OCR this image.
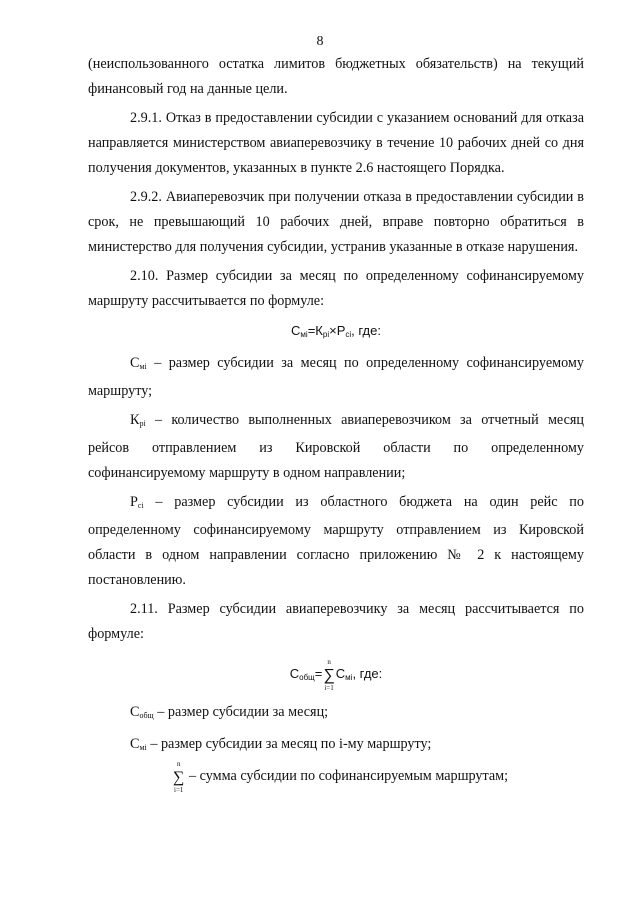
8

(неиспользованного остатка лимитов бюджетных обязательств) на текущий финансовый год на данные цели.

2.9.1. Отказ в предоставлении субсидии с указанием оснований для отказа направляется министерством авиаперевозчику в течение 10 рабочих дней со дня получения документов, указанных в пункте 2.6 настоящего Порядка.

2.9.2. Авиаперевозчик при получении отказа в предоставлении субсидии в срок, не превышающий 10 рабочих дней, вправе повторно обратиться в министерство для получения субсидии, устранив указанные в отказе нарушения.

2.10. Размер субсидии за месяц по определенному софинансируемому маршруту рассчитывается по формуле:

$С_{мi}=К_{рi}\times Р_{сi}$, где:

$С_{мi}$ – размер субсидии за месяц по определенному софинансируемому маршруту;

$К_{рi}$ – количество выполненных авиаперевозчиком за отчетный месяц рейсов отправлением из Кировской области по определенному софинансируемому маршруту в одном направлении;

$Р_{сi}$ – размер субсидии из областного бюджета на один рейс по определенному софинансируемому маршруту отправлением из Кировской области в одном направлении согласно приложению № 2 к настоящему постановлению.

2.11. Размер субсидии авиаперевозчику за месяц рассчитывается по формуле:

$С_{общ}=$
n
∑
i=1
$С_{мi}$, где:

$С_{общ}$ – размер субсидии за месяц;

$С_{мi}$ – размер субсидии за месяц по i-му маршруту;

n
∑
i=1
– сумма субсидии по софинансируемым маршрутам;
